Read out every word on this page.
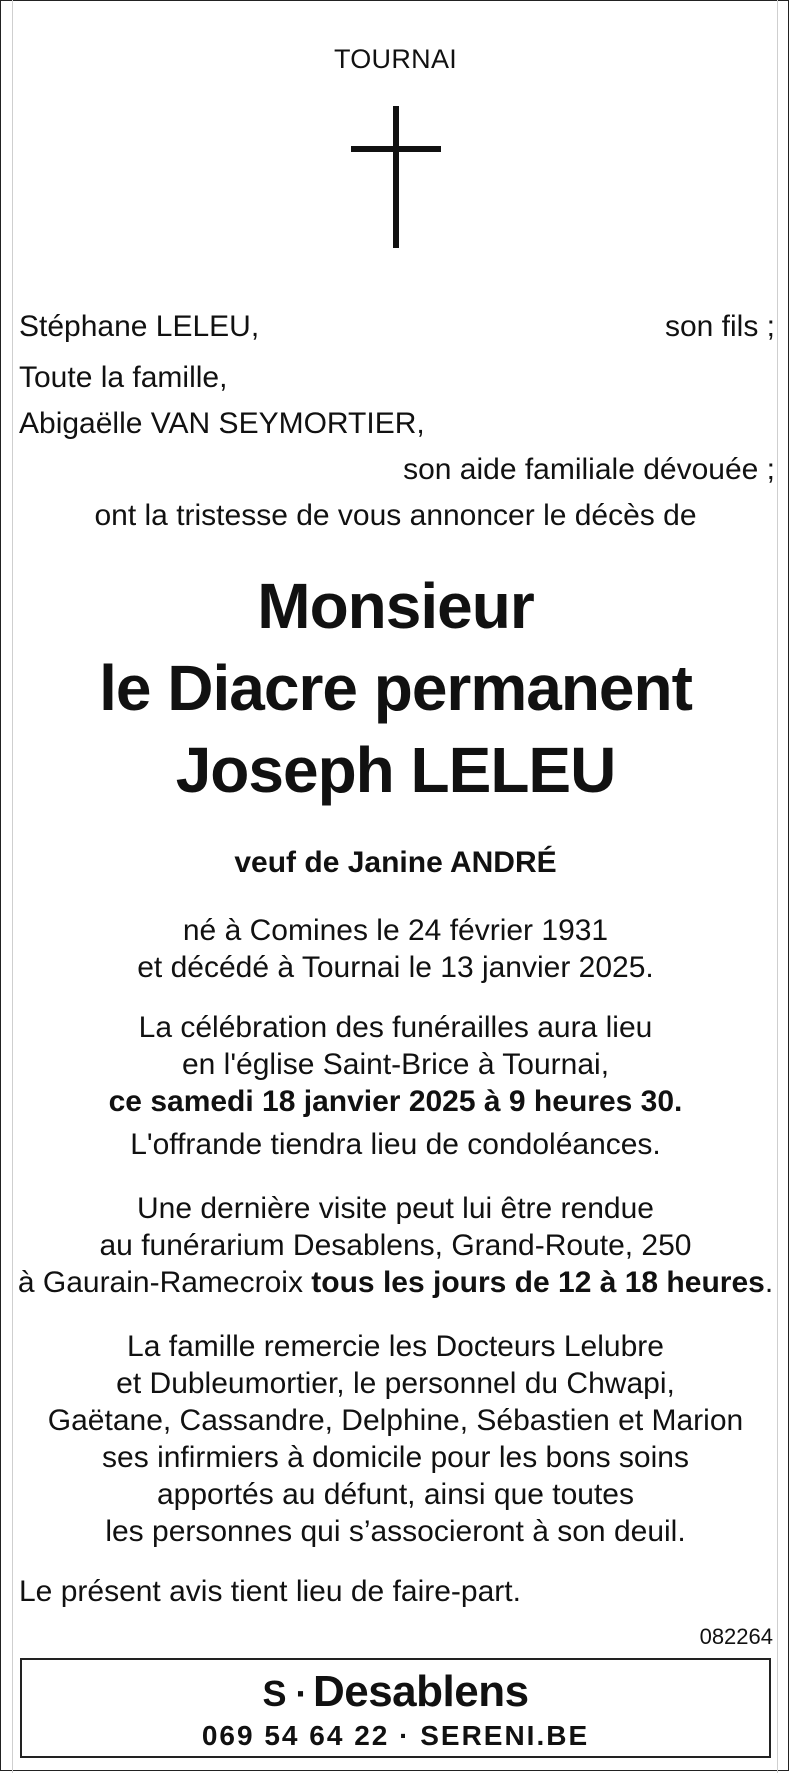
TOURNAI
Stéphane LELEU,	son fils ;
Toute la famille,
Abigaëlle VAN SEYMORTIER,
son aide familiale dévouée ;
ont la tristesse de vous annoncer le décès de
Monsieur
le Diacre permanent
Joseph LELEU
veuf de Janine ANDRÉ
né à Comines le 24 février 1931
et décédé à Tournai le 13 janvier 2025.
La célébration des funérailles aura lieu
en l'église Saint-Brice à Tournai,
ce samedi 18 janvier 2025 à 9 heures 30.
L'offrande tiendra lieu de condoléances.
Une dernière visite peut lui être rendue
au funérarium Desablens, Grand-Route, 250
à Gaurain-Ramecroix tous les jours de 12 à 18 heures.
La famille remercie les Docteurs Lelubre
et Dubleumortier, le personnel du Chwapi,
Gaëtane, Cassandre, Delphine, Sébastien et Marion
ses infirmiers à domicile pour les bons soins
apportés au défunt, ainsi que toutes
les personnes qui s’associeront à son deuil.
Le présent avis tient lieu de faire-part.
082264
S · Desablens
069 54 64 22 · SERENI.BE
